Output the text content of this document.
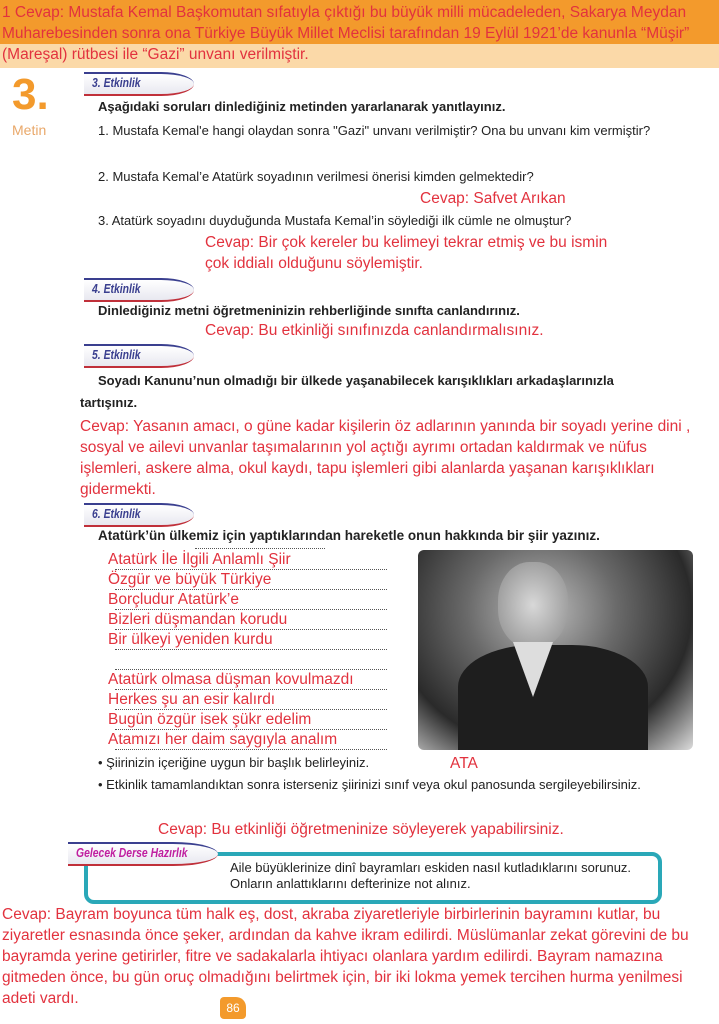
1 Cevap: Mustafa Kemal Başkomutan sıfatıyla çıktığı bu büyük milli mücadeleden, Sakarya Meydan Muharebesinden sonra ona Türkiye Büyük Millet Meclisi tarafından 19 Eylül 1921’de kanunla “Müşir” (Mareşal) rütbesi ile “Gazi” unvanı verilmiştir.
3.
Metin
3. Etkinlik
Aşağıdaki soruları dinlediğiniz metinden yararlanarak yanıtlayınız.
1. Mustafa Kemal'e hangi olaydan sonra "Gazi" unvanı verilmiştir? Ona bu unvanı kim vermiştir?
2. Mustafa Kemal’e Atatürk soyadının verilmesi önerisi kimden gelmektedir?
Cevap: Safvet Arıkan
3. Atatürk soyadını duyduğunda Mustafa Kemal’in söylediği ilk cümle ne olmuştur?
Cevap: Bir çok kereler bu kelimeyi tekrar etmiş ve bu ismin çok iddialı olduğunu söylemiştir.
4. Etkinlik
Dinlediğiniz metni öğretmeninizin rehberliğinde sınıfta canlandırınız.
Cevap: Bu etkinliği sınıfınızda canlandırmalısınız.
5. Etkinlik
Soyadı Kanunu’nun olmadığı bir ülkede yaşanabilecek karışıklıkları arkadaşlarınızla tartışınız.
Cevap: Yasanın amacı, o güne kadar kişilerin öz adlarının yanında bir soyadı yerine dini , sosyal ve ailevi unvanlar taşımalarının yol açtığı ayrımı ortadan kaldırmak ve nüfus işlemleri, askere alma, okul kaydı, tapu işlemleri gibi alanlarda yaşanan karışıklıkları gidermekti.
6. Etkinlik
Atatürk’ün ülkemiz için yaptıklarından hareketle onun hakkında bir şiir yazınız.
Atatürk İle İlgili Anlamlı Şiir
Özgür ve büyük Türkiye
Borçludur Atatürk’e
Bizleri düşmandan korudu
Bir ülkeyi yeniden kurdu
Atatürk olmasa düşman kovulmazdı
Herkes şu an esir kalırdı
Bugün özgür isek şükr edelim
Atamızı her daim saygıyla analım
• Şiirinizin içeriğine uygun bir başlık belirleyiniz.	ATA
• Etkinlik tamamlandıktan sonra isterseniz şiirinizi sınıf veya okul panosunda sergileyebilirsiniz.
Cevap: Bu etkinliği öğretmeninize söyleyerek yapabilirsiniz.
Gelecek Derse Hazırlık
Aile büyüklerinize dinî bayramları eskiden nasıl kutladıklarını sorunuz. Onların anlattıklarını defterinize not alınız.
Cevap: Bayram boyunca tüm halk eş, dost, akraba ziyaretleriyle birbirlerinin bayramını kutlar, bu ziyaretler esnasında önce şeker, ardından da kahve ikram edilirdi. Müslümanlar zekat görevini de bu bayramda yerine getirirler, fitre ve sadakalarla ihtiyacı olanlara yardım edilirdi. Bayram namazına gitmeden önce, bu gün oruç olmadığını belirtmek için, bir iki lokma yemek tercihen hurma yenilmesi adeti vardı.
86
